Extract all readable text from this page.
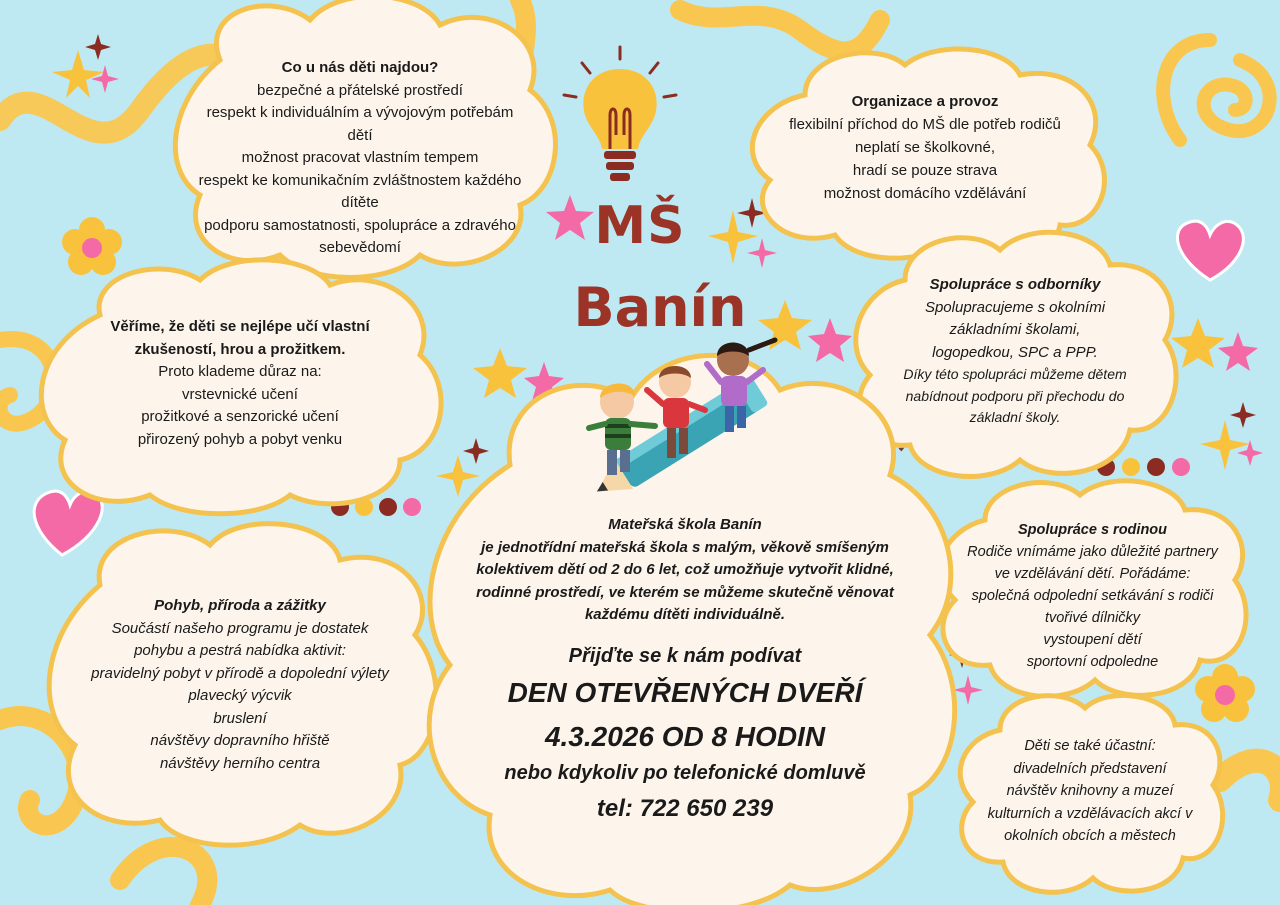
MŠ
Banín
Co u nás děti najdou?
bezpečné a přátelské prostředí
respekt k individuálním a vývojovým potřebám
dětí
možnost pracovat vlastním tempem
respekt ke komunikačním zvláštnostem každého
dítěte
podporu samostatnosti, spolupráce a zdravého
sebevědomí
Věříme, že děti se nejlépe učí vlastní
zkušeností, hrou a prožitkem.
Proto klademe důraz na:
vrstevnické učení
prožitkové a senzorické učení
přirozený pohyb a pobyt venku
Pohyb, příroda a zážitky
Součástí našeho programu je dostatek
pohybu a pestrá nabídka aktivit:
pravidelný pobyt v přírodě a dopolední výlety
plavecký výcvik
bruslení
návštěvy dopravního hřiště
návštěvy herního centra
Organizace a provoz
flexibilní příchod do MŠ dle potřeb rodičů
neplatí se školkovné,
hradí se pouze strava
možnost domácího vzdělávání
Spolupráce s odborníky
Spolupracujeme s okolními
základními školami,
logopedkou, SPC a PPP.
Díky této spolupráci můžeme dětem
nabídnout podporu při přechodu do
základní školy.
Spolupráce s rodinou
Rodiče vnímáme jako důležité partnery
ve vzdělávání dětí. Pořádáme:
společná odpolední setkávání s rodiči
tvořivé dílničky
vystoupení dětí
sportovní odpoledne
Děti se také účastní:
divadelních představení
návštěv knihovny a muzeí
kulturních a vzdělávacích akcí v
okolních obcích a městech
Mateřská škola Banín
je jednotřídní mateřská škola s malým, věkově smíšeným
kolektivem dětí od 2 do 6 let, což umožňuje vytvořit klidné,
rodinné prostředí, ve kterém se můžeme skutečně věnovat
každému dítěti individuálně.
Přijďte se k nám podívat
DEN OTEVŘENÝCH DVEŘÍ
4.3.2026 OD 8 HODIN
nebo kdykoliv po telefonické domluvě
tel: 722 650 239
